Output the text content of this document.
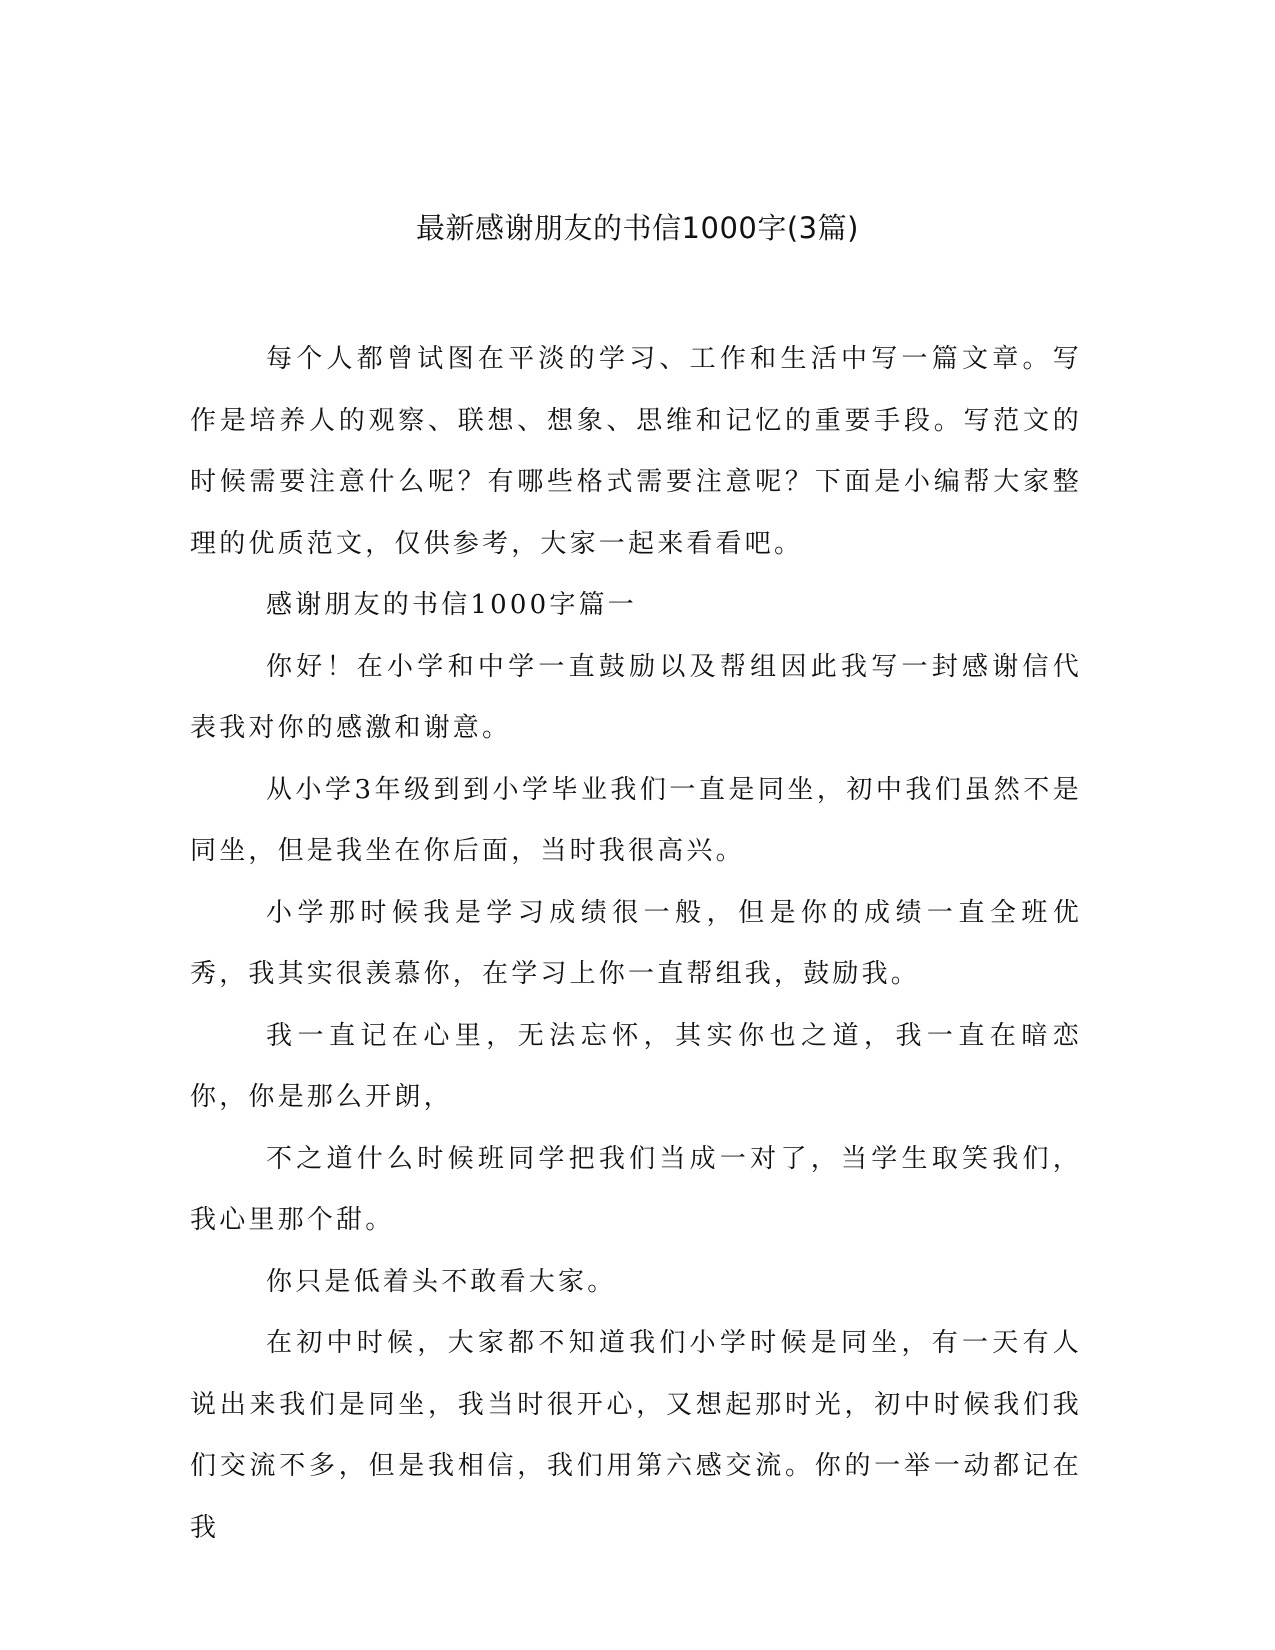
最新感谢朋友的书信1000字(3篇)

每个人都曾试图在平淡的学习、工作和生活中写一篇文章。写作是培养人的观察、联想、想象、思维和记忆的重要手段。写范文的时候需要注意什么呢？有哪些格式需要注意呢？下面是小编帮大家整理的优质范文，仅供参考，大家一起来看看吧。

感谢朋友的书信1000字篇一

你好！在小学和中学一直鼓励以及帮组因此我写一封感谢信代表我对你的感激和谢意。

从小学3年级到到小学毕业我们一直是同坐，初中我们虽然不是同坐，但是我坐在你后面，当时我很高兴。

小学那时候我是学习成绩很一般，但是你的成绩一直全班优秀，我其实很羡慕你，在学习上你一直帮组我，鼓励我。

我一直记在心里，无法忘怀，其实你也之道，我一直在暗恋你，你是那么开朗，

不之道什么时候班同学把我们当成一对了，当学生取笑我们，我心里那个甜。

你只是低着头不敢看大家。

在初中时候，大家都不知道我们小学时候是同坐，有一天有人说出来我们是同坐，我当时很开心，又想起那时光，初中时候我们我们交流不多，但是我相信，我们用第六感交流。你的一举一动都记在我
